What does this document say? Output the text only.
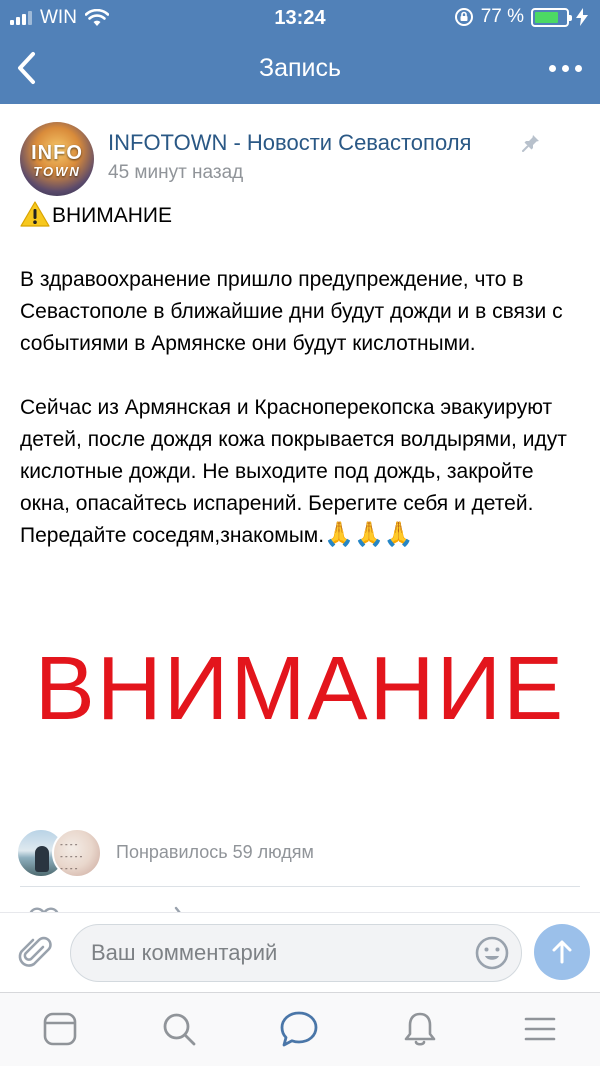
WIN	13:24	77 %
Запись
INFO
TOWN
INFOTOWN - Новости Севастополя
45 минут назад

ВНИМАНИЕ

В здравоохранение пришло предупреждение, что в Севастополе в ближайшие дни будут дожди и в связи с событиями в Армянске они будут кислотными.

Сейчас из Армянская и Красноперекопска эвакуируют детей, после дождя кожа покрывается волдырями, идут кислотные дожди. Не выходите под дождь, закройте окна, опасайтесь испарений. Берегите себя и детей. Передайте соседям,знакомым.🙏🙏🙏

ВНИМАНИЕ
- - - -
- - - - -
- - - -
Понравилось 59 людям
Ваш комментарий
